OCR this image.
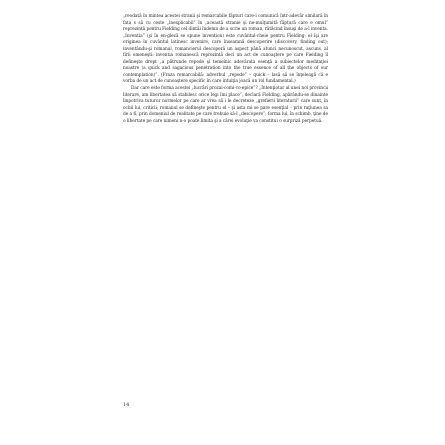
„reodată în mintea acestei stranii şi remarcabile făpturi care-i comunică într-adevăr similară în fata s să cu ceste „inexplicabil” în „această stranie şi ne-mulţumită făptură care e omul” reprezintă pentru Fielding cel dintâi îndemn de a scrie un roman, rătăcind însuşi de a-l inventa. „Inventia” (şi în en-gleză se spune invention) este cuvântul-cheie pentru Fielding: el îşi are originea în cuvântul latinesc invenire, care înseamnă descoperire (discovery, finding out); inventându-şi romanul, romancierul descoperă un aspect până atunci necunoscut, ascuns, al firii omeneşti: inventia romanescă reprezintă deci un act de cunoaştere pe care Fielding îl defineşte drept „a pătrunde repede şi temeinic adevărata esenţă a subiectelor meditaţiei noastre (a quick and sagacious penetration into the true essence of all the objects of our contemplation)”. (Fraza remarcabilă: adverbul „repede” – quick – lasă să se înţeleagă că e vorba de un act de cunoaştere specific în care intuiţia joacă un rol fundamental.)

Dar care este forma acestei „lucrări prozai-comi-co-epice”? „Intenţiotar al unei noi provincii literare, am libertatea să stabilesc orice legi îmi place”, declară Fielding, apărându-se dinainte împotriva tuturor normelor pe care ar vrea să i le decreteze „grefierii literaturii” care sunt, în ochii lui, criticii; romanul se defineşte pentru el – şi asta mi se pare esenţial – prin raţiunea sa de a fi, prin domeniul de realitate pe care trebuie să-l „descopere”; forma lui, în schimb, ţine de o libertate pe care nimeni n-o poate limita şi a cărei evoluţie va constitui o surpriză perpetuă.

14
